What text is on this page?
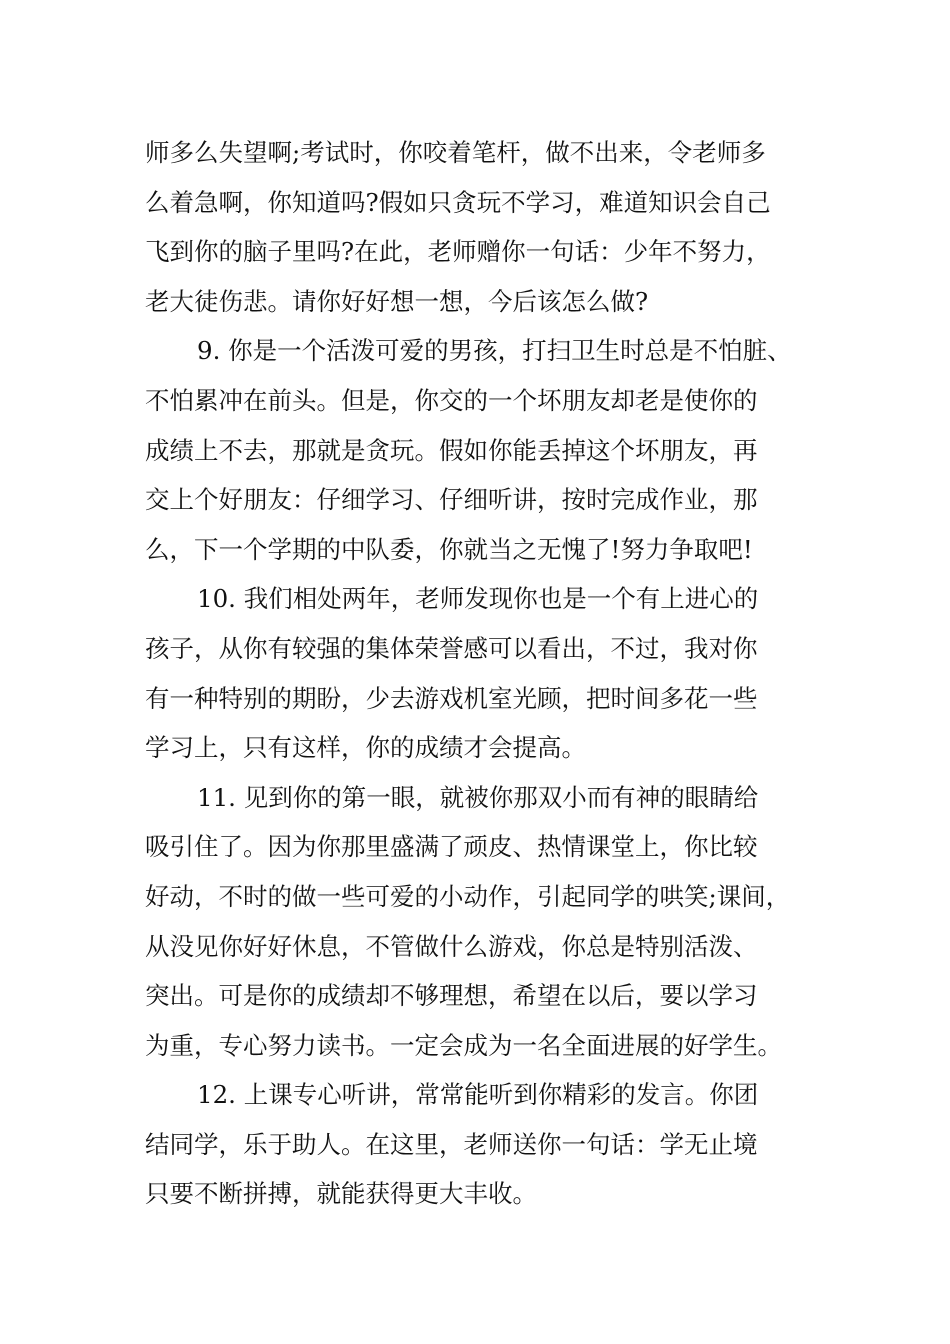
师多么失望啊;考试时，你咬着笔杆，做不出来，令老师多
么着急啊，你知道吗?假如只贪玩不学习，难道知识会自己
飞到你的脑子里吗?在此，老师赠你一句话：少年不努力，
老大徒伤悲。请你好好想一想，今后该怎么做?
9. 你是一个活泼可爱的男孩，打扫卫生时总是不怕脏、
不怕累冲在前头。但是，你交的一个坏朋友却老是使你的
成绩上不去，那就是贪玩。假如你能丢掉这个坏朋友，再
交上个好朋友：仔细学习、仔细听讲，按时完成作业，那
么，下一个学期的中队委，你就当之无愧了!努力争取吧!
10. 我们相处两年，老师发现你也是一个有上进心的
孩子，从你有较强的集体荣誉感可以看出，不过，我对你
有一种特别的期盼，少去游戏机室光顾，把时间多花一些
学习上，只有这样，你的成绩才会提高。
11. 见到你的第一眼，就被你那双小而有神的眼睛给
吸引住了。因为你那里盛满了顽皮、热情课堂上，你比较
好动，不时的做一些可爱的小动作，引起同学的哄笑;课间，
从没见你好好休息，不管做什么游戏，你总是特别活泼、
突出。可是你的成绩却不够理想，希望在以后，要以学习
为重，专心努力读书。一定会成为一名全面进展的好学生。
12. 上课专心听讲，常常能听到你精彩的发言。你团
结同学，乐于助人。在这里，老师送你一句话：学无止境
只要不断拼搏，就能获得更大丰收。
